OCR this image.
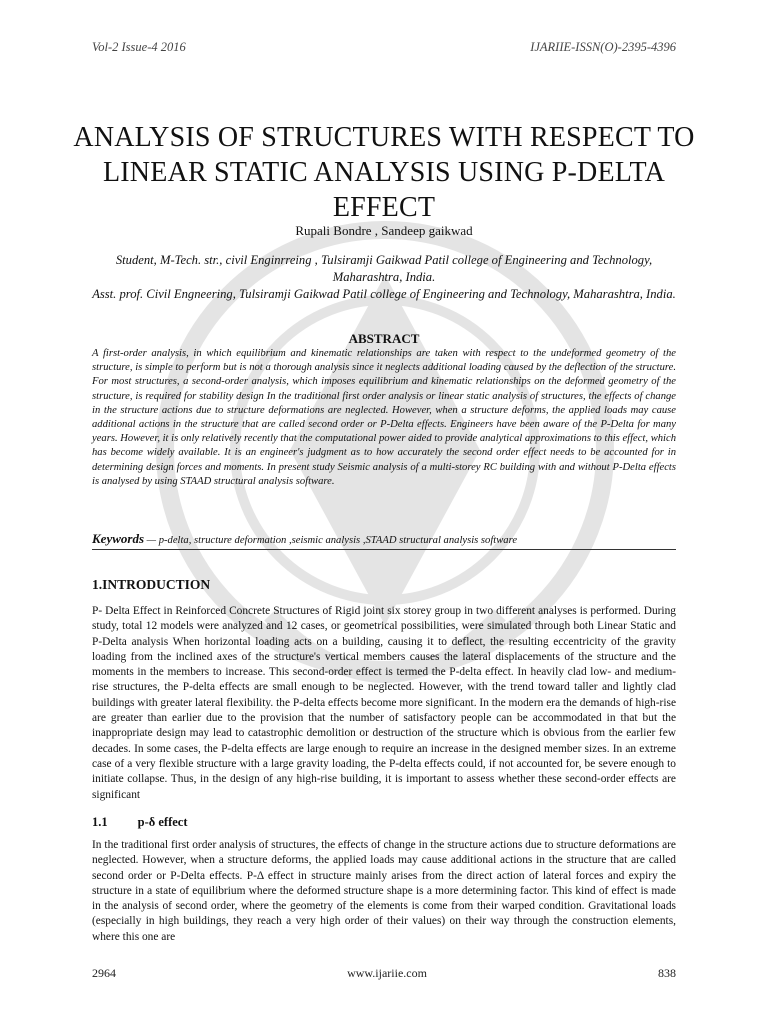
Vol-2 Issue-4 2016	IJARIIE-ISSN(O)-2395-4396
ANALYSIS OF STRUCTURES WITH RESPECT TO LINEAR STATIC ANALYSIS USING P-DELTA EFFECT
Rupali Bondre , Sandeep gaikwad
Student, M-Tech. str., civil Enginrreing , Tulsiramji Gaikwad Patil college of Engineering and Technology, Maharashtra, India.
Asst. prof. Civil Engneering, Tulsiramji Gaikwad Patil college of Engineering and Technology, Maharashtra, India.
ABSTRACT
A first-order analysis, in which equilibrium and kinematic relationships are taken with respect to the undeformed geometry of the structure, is simple to perform but is not a thorough analysis since it neglects additional loading caused by the deflection of the structure. For most structures, a second-order analysis, which imposes equilibrium and kinematic relationships on the deformed geometry of the structure, is required for stability design In the traditional first order analysis or linear static analysis of structures, the effects of change in the structure actions due to structure deformations are neglected. However, when a structure deforms, the applied loads may cause additional actions in the structure that are called second order or P-Delta effects. Engineers have been aware of the P-Delta for many years. However, it is only relatively recently that the computational power aided to provide analytical approximations to this effect, which has become widely available. It is an engineer's judgment as to how accurately the second order effect needs to be accounted for in determining design forces and moments. In present study Seismic analysis of a multi-storey RC building with and without P-Delta effects is analysed by using STAAD structural analysis software.
Keywords — p-delta, structure deformation ,seismic analysis ,STAAD structural analysis software
1.INTRODUCTION
P- Delta Effect in Reinforced Concrete Structures of Rigid joint six storey group in two different analyses is performed. During study, total 12 models were analyzed and 12 cases, or geometrical possibilities, were simulated through both Linear Static and P-Delta analysis When horizontal loading acts on a building, causing it to deflect, the resulting eccentricity of the gravity loading from the inclined axes of the structure's vertical members causes the lateral displacements of the structure and the moments in the members to increase. This second-order effect is termed the P-delta effect. In heavily clad low- and medium-rise structures, the P-delta effects are small enough to be neglected. However, with the trend toward taller and lightly clad buildings with greater lateral flexibility. the P-delta effects become more significant. In the modern era the demands of high-rise are greater than earlier due to the provision that the number of satisfactory people can be accommodated in that but the inappropriate design may lead to catastrophic demolition or destruction of the structure which is obvious from the earlier few decades. In some cases, the P-delta effects are large enough to require an increase in the designed member sizes. In an extreme case of a very flexible structure with a large gravity loading, the P-delta effects could, if not accounted for, be severe enough to initiate collapse. Thus, in the design of any high-rise building, it is important to assess whether these second-order effects are significant
1.1 p-δ effect
In the traditional first order analysis of structures, the effects of change in the structure actions due to structure deformations are neglected. However, when a structure deforms, the applied loads may cause additional actions in the structure that are called second order or P-Delta effects. P-Δ effect in structure mainly arises from the direct action of lateral forces and expiry the structure in a state of equilibrium where the deformed structure shape is a more determining factor. This kind of effect is made in the analysis of second order, where the geometry of the elements is come from their warped condition. Gravitational loads (especially in high buildings, they reach a very high order of their values) on their way through the construction elements, where this one are
2964	www.ijariie.com	838
